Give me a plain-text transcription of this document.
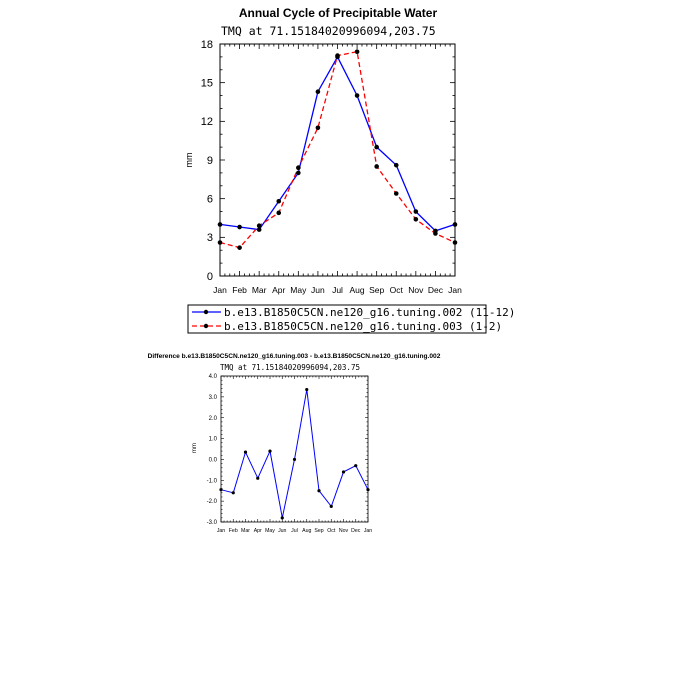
Annual Cycle of Precipitable Water
TMQ at 71.15184020996094,203.75
mm
0
3
6
9
12
15
18
Jan Feb Mar Apr May Jun Jul Aug Sep Oct Nov Dec Jan
b.e13.B1850C5CN.ne120_g16.tuning.002 (11-12)
b.e13.B1850C5CN.ne120_g16.tuning.003 (1-2)
Difference b.e13.B1850C5CN.ne120_g16.tuning.003 - b.e13.B1850C5CN.ne120_g16.tuning.002
TMQ at 71.15184020996094,203.75
mm
-3.0
-2.0
-1.0
0.0
1.0
2.0
3.0
4.0
Jan Feb Mar Apr May Jun Jul Aug Sep Oct Nov Dec Jan
